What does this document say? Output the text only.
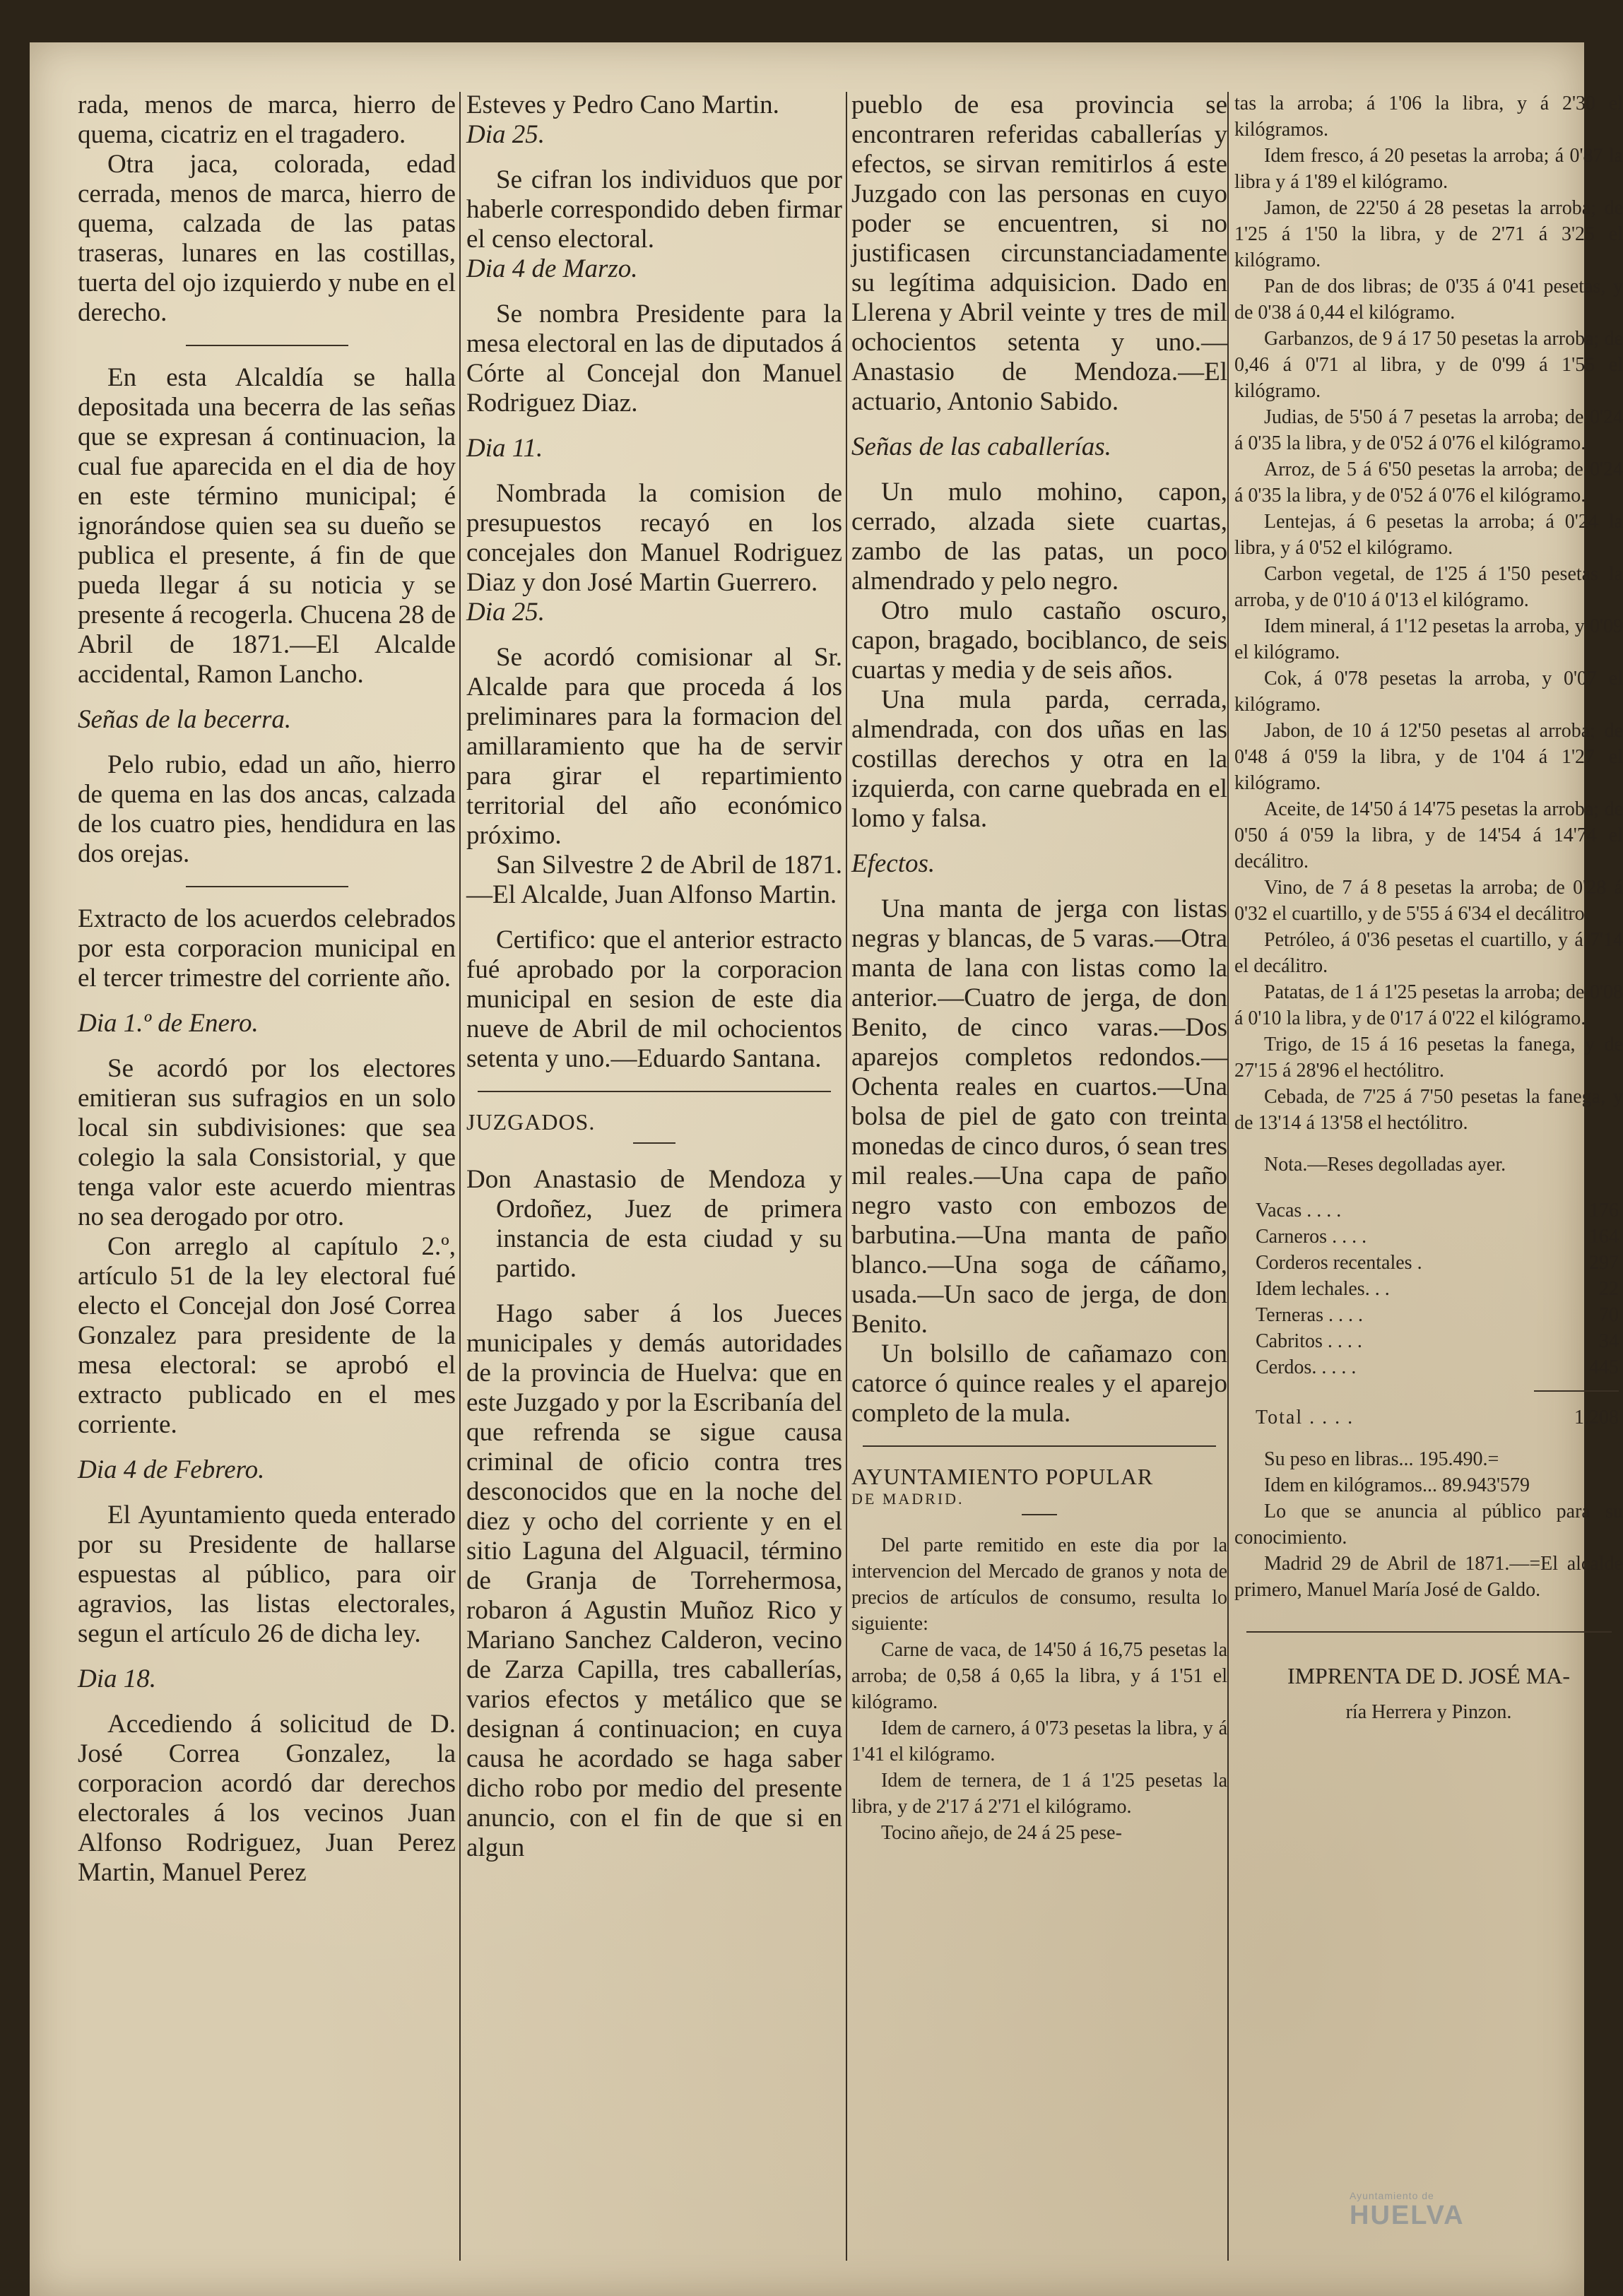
rada, menos de marca, hierro de quema, cicatriz en el tragadero.

Otra jaca, colorada, edad cerrada, menos de marca, hierro de quema, calzada de las patas traseras, lunares en las costillas, tuerta del ojo izquierdo y nube en el derecho.

En esta Alcaldía se halla depositada una becerra de las señas que se expresan á continuacion, la cual fue aparecida en el dia de hoy en este término municipal; é ignorándose quien sea su dueño se publica el presente, á fin de que pueda llegar á su noticia y se presente á recogerla. Chucena 28 de Abril de 1871.—El Alcalde accidental, Ramon Lancho.

Señas de la becerra.

Pelo rubio, edad un año, hierro de quema en las dos ancas, calzada de los cuatro pies, hendidura en las dos orejas.

Extracto de los acuerdos celebrados por esta corporacion municipal en el tercer trimestre del corriente año.

Dia 1.º de Enero.

Se acordó por los electores emitieran sus sufragios en un solo local sin subdivisiones: que sea colegio la sala Consistorial, y que tenga valor este acuerdo mientras no sea derogado por otro.

Con arreglo al capítulo 2.º, artículo 51 de la ley electoral fué electo el Concejal don José Correa Gonzalez para presidente de la mesa electoral: se aprobó el extracto publicado en el mes corriente.

Dia 4 de Febrero.

El Ayuntamiento queda enterado por su Presidente de hallarse espuestas al público, para oir agravios, las listas electorales, segun el artículo 26 de dicha ley.

Dia 18.

Accediendo á solicitud de D. José Correa Gonzalez, la corporacion acordó dar derechos electorales á los vecinos Juan Alfonso Rodriguez, Juan Perez Martin, Manuel Perez

Esteves y Pedro Cano Martin.

Dia 25.

Se cifran los individuos que por haberle correspondido deben firmar el censo electoral.

Dia 4 de Marzo.

Se nombra Presidente para la mesa electoral en las de diputados á Córte al Concejal don Manuel Rodriguez Diaz.

Dia 11.

Nombrada la comision de presupuestos recayó en los concejales don Manuel Rodriguez Diaz y don José Martin Guerrero.

Dia 25.

Se acordó comisionar al Sr. Alcalde para que proceda á los preliminares para la formacion del amillaramiento que ha de servir para girar el repartimiento territorial del año económico próximo.

San Silvestre 2 de Abril de 1871.—El Alcalde, Juan Alfonso Martin.

Certifico: que el anterior estracto fué aprobado por la corporacion municipal en sesion de este dia nueve de Abril de mil ochocientos setenta y uno.—Eduardo Santana.

JUZGADOS.

Don Anastasio de Mendoza y Ordoñez, Juez de primera instancia de esta ciudad y su partido.

Hago saber á los Jueces municipales y demás autoridades de la provincia de Huelva: que en este Juzgado y por la Escribanía del que refrenda se sigue causa criminal de oficio contra tres desconocidos que en la noche del diez y ocho del corriente y en el sitio Laguna del Alguacil, término de Granja de Torrehermosa, robaron á Agustin Muñoz Rico y Mariano Sanchez Calderon, vecino de Zarza Capilla, tres caballerías, varios efectos y metálico que se designan á continuacion; en cuya causa he acordado se haga saber dicho robo por medio del presente anuncio, con el fin de que si en algun

pueblo de esa provincia se encontraren referidas caballerías y efectos, se sirvan remitirlos á este Juzgado con las personas en cuyo poder se encuentren, si no justificasen circunstanciadamente su legítima adquisicion. Dado en Llerena y Abril veinte y tres de mil ochocientos setenta y uno.—Anastasio de Mendoza.—El actuario, Antonio Sabido.

Señas de las caballerías.

Un mulo mohino, capon, cerrado, alzada siete cuartas, zambo de las patas, un poco almendrado y pelo negro.

Otro mulo castaño oscuro, capon, bragado, bociblanco, de seis cuartas y media y de seis años.

Una mula parda, cerrada, almendrada, con dos uñas en las costillas derechos y otra en la izquierda, con carne quebrada en el lomo y falsa.

Efectos.

Una manta de jerga con listas negras y blancas, de 5 varas.—Otra manta de lana con listas como la anterior.—Cuatro de jerga, de don Benito, de cinco varas.—Dos aparejos completos redondos.—Ochenta reales en cuartos.—Una bolsa de piel de gato con treinta monedas de cinco duros, ó sean tres mil reales.—Una capa de paño negro vasto con embozos de barbutina.—Una manta de paño blanco.—Una soga de cáñamo, usada.—Un saco de jerga, de don Benito.

Un bolsillo de cañamazo con catorce ó quince reales y el aparejo completo de la mula.

AYUNTAMIENTO POPULAR

DE MADRID.

Del parte remitido en este dia por la intervencion del Mercado de granos y nota de precios de artículos de consumo, resulta lo siguiente:

Carne de vaca, de 14'50 á 16,75 pesetas la arroba; de 0,58 á 0,65 la libra, y á 1'51 el kilógramo.

Idem de carnero, á 0'73 pesetas la libra, y á 1'41 el kilógramo.

Idem de ternera, de 1 á 1'25 pesetas la libra, y de 2'17 á 2'71 el kilógramo.

Tocino añejo, de 24 á 25 pese-

tas la arroba; á 1'06 la libra, y á 2'30 el kilógramos.

Idem fresco, á 20 pesetas la arroba; á 0'87 la libra y á 1'89 el kilógramo.

Jamon, de 22'50 á 28 pesetas la arroba; de 1'25 á 1'50 la libra, y de 2'71 á 3'25 el kilógramo.

Pan de dos libras; de 0'35 á 0'41 pesetas, y de 0'38 á 0,44 el kilógramo.

Garbanzos, de 9 á 17 50 pesetas la arroba; de 0,46 á 0'71 al libra, y de 0'99 á 1'55 el kilógramo.

Judias, de 5'50 á 7 pesetas la arroba; de 0'24 á 0'35 la libra, y de 0'52 á 0'76 el kilógramo.

Arroz, de 5 á 6'50 pesetas la arroba; de 0'24 á 0'35 la libra, y de 0'52 á 0'76 el kilógramo.

Lentejas, á 6 pesetas la arroba; á 0'24 la libra, y á 0'52 el kilógramo.

Carbon vegetal, de 1'25 á 1'50 pesetas la arroba, y de 0'10 á 0'13 el kilógramo.

Idem mineral, á 1'12 pesetas la arroba, y 0'09 el kilógramo.

Cok, á 0'78 pesetas la arroba, y 0'07 el kilógramo.

Jabon, de 10 á 12'50 pesetas al arroba; de 0'48 á 0'59 la libra, y de 1'04 á 1'27 el kilógramo.

Aceite, de 14'50 á 14'75 pesetas la arroba; de 0'50 á 0'59 la libra, y de 14'54 á 14'74 el decálitro.

Vino, de 7 á 8 pesetas la arroba; de 0'28 á 0'32 el cuartillo, y de 5'55 á 6'34 el decálitro.

Petróleo, á 0'36 pesetas el cuartillo, y á 7'14 el decálitro.

Patatas, de 1 á 1'25 pesetas la arroba; de 0'08 á 0'10 la libra, y de 0'17 á 0'22 el kilógramo.

Trigo, de 15 á 16 pesetas la fanega, y de 27'15 á 28'96 el hectólitro.

Cebada, de 7'25 á 7'50 pesetas la fanega, y de 13'14 á 13'58 el hectólitro.

Nota.—Reses degolladas ayer.

Vacas . . . .	176
Carneros . . . .	164
Corderos recentales .	297
Idem lechales. . .	22
Terneras . . . .	70
Cabritos . . . .	34
Cerdos. . . . .	445

Total . . . .	1.208

Su peso en libras... 195.490.=

Idem en kilógramos... 89.943'579

Lo que se anuncia al público para su conocimiento.

Madrid 29 de Abril de 1871.—=El alcalde primero, Manuel María José de Galdo.

IMPRENTA DE D. JOSÉ MA-

ría Herrera y Pinzon.

Ayuntamiento de
HUELVA
